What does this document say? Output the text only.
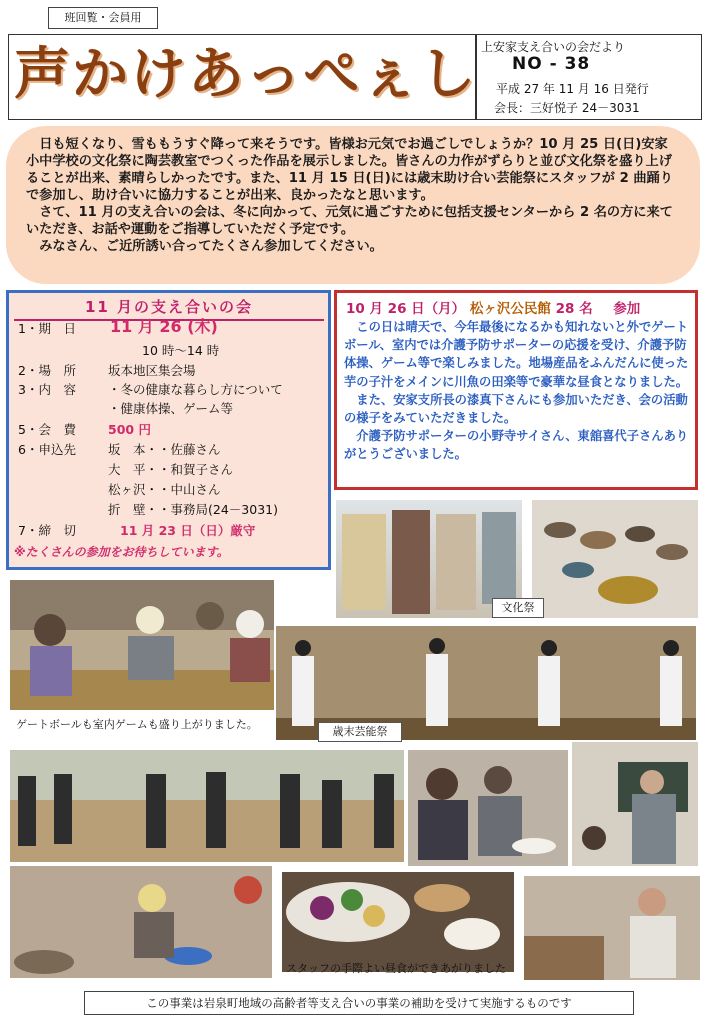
班回覧・会員用
声かけあっぺぇし 上安家支え合いの会だより
NO ‐ 38
平成 27 年 11 月 16 日発行
会長：三好悦子 24－3031

日も短くなり、雪ももうすぐ降って来そうです。皆様お元気でお過ごしでしょうか？10 月 25 日(日)安家小中学校の文化祭に陶芸教室でつくった作品を展示しました。皆さんの力作がずらりと並び文化祭を盛り上げることが出来、素晴らしかったです。また、11 月 15 日(日)には歳末助け合い芸能祭にスタッフが 2 曲踊りで参加し、助け合いに協力することが出来、良かったなと思います。

さて、11 月の支え合いの会は、冬に向かって、元気に過ごすために包括支援センターから 2 名の方に来ていただき、お話や運動をご指導していただく予定です。

みなさん、ご近所誘い合ってたくさん参加してください。

11 月の支え合いの会
1・期　日 11 月 26 (木)
10 時～14 時
2・場　所	坂本地区集会場
3・内　容	・冬の健康な暮らし方について
・健康体操、ゲーム等
5・会　費	500 円
6・申込先	坂　本・・佐藤さん
大　平・・和賀子さん
松ヶ沢・・中山さん
折　壁・・事務局(24－3031)
7・締　切	11 月 23 日（日）厳守
※たくさんの参加をお待ちしています。
10 月 26 日（月） 松ヶ沢公民館 28 名 参加

この日は晴天で、今年最後になるかも知れないと外でゲートボール、室内では介護予防サポーターの応援を受け、介護予防体操、ゲーム等で楽しみました。地場産品をふんだんに使った芋の子汁をメインに川魚の田楽等で豪華な昼食となりました。

また、安家支所長の漆真下さんにも参加いただき、会の活動の様子をみていただきました。

介護予防サポーターの小野寺サイさん、東舘喜代子さんありがとうございました。

文化祭
ゲートボールも室内ゲームも盛り上がりました。
歳末芸能祭
スタッフの手際よい昼食ができあがりました
この事業は岩泉町地域の高齢者等支え合いの事業の補助を受けて実施するものです
